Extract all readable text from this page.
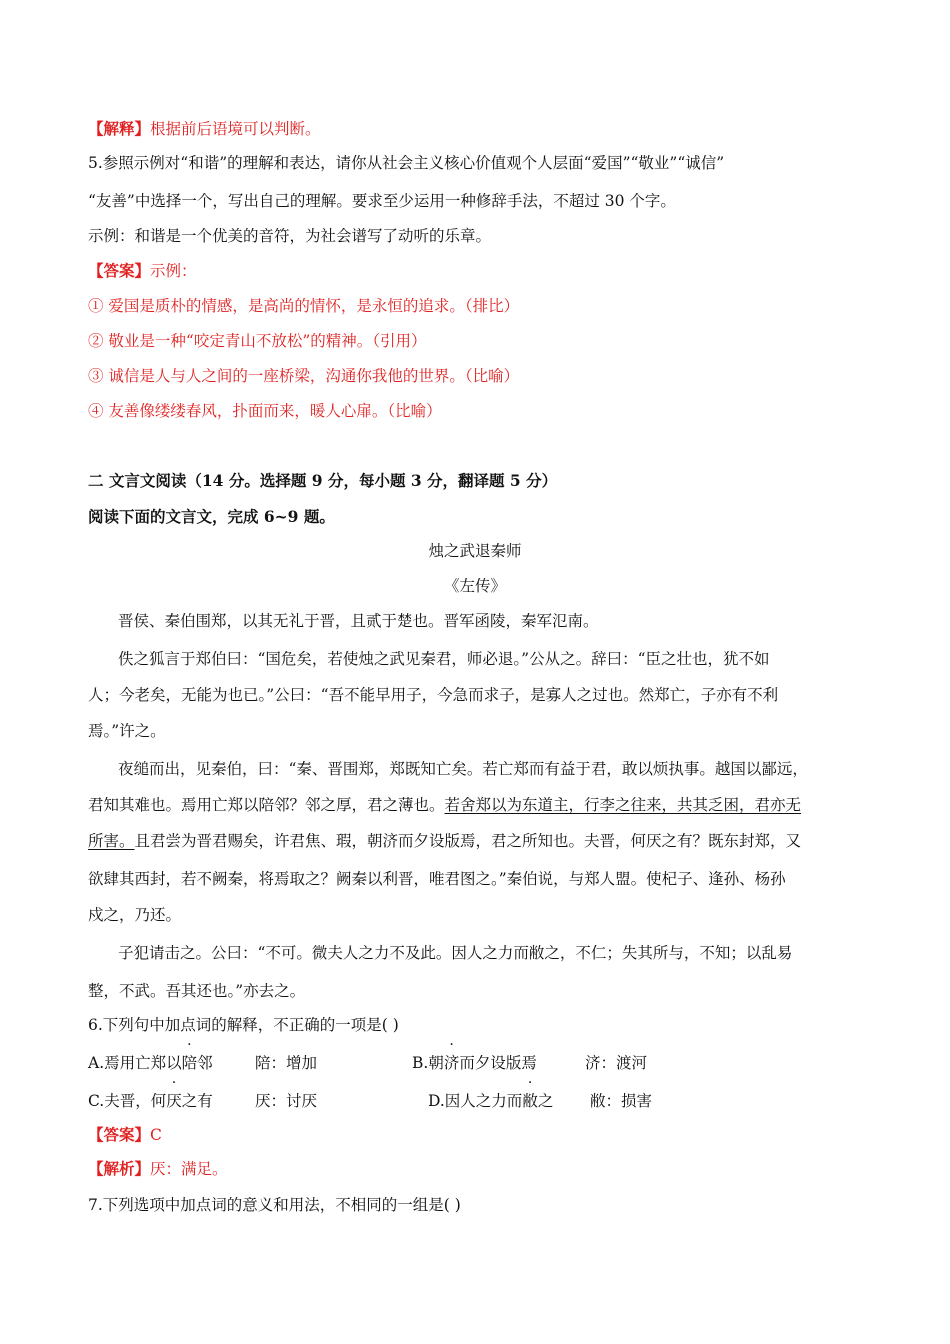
【解释】根据前后语境可以判断。
5.参照示例对“和谐”的理解和表达，请你从社会主义核心价值观个人层面“爱国”“敬业”“诚信”
“友善”中选择一个，写出自己的理解。要求至少运用一种修辞手法，不超过 30 个字。
示例：和谐是一个优美的音符，为社会谱写了动听的乐章。
【答案】示例：
① 爱国是质朴的情感，是高尚的情怀，是永恒的追求。（排比）
② 敬业是一种“咬定青山不放松”的精神。（引用）
③ 诚信是人与人之间的一座桥梁，沟通你我他的世界。（比喻）
④ 友善像缕缕春风，扑面而来，暖人心扉。（比喻）
二 文言文阅读（14 分。选择题 9 分，每小题 3 分，翻译题 5 分）
阅读下面的文言文，完成 6~9 题。
烛之武退秦师
《左传》
晋侯、秦伯围郑，以其无礼于晋，且贰于楚也。晋军函陵，秦军氾南。
佚之狐言于郑伯曰：“国危矣，若使烛之武见秦君，师必退。”公从之。辞曰：“臣之壮也，犹不如
人；今老矣，无能为也已。”公曰：“吾不能早用子，今急而求子，是寡人之过也。然郑亡，子亦有不利
焉。”许之。
夜缒而出，见秦伯，曰：“秦、晋围郑，郑既知亡矣。若亡郑而有益于君，敢以烦执事。越国以鄙远，
君知其难也。焉用亡郑以陪邻？邻之厚，君之薄也。若舍郑以为东道主，行李之往来，共其乏困，君亦无
所害。且君尝为晋君赐矣，许君焦、瑕，朝济而夕设版焉，君之所知也。夫晋，何厌之有？既东封郑，又
欲肆其西封，若不阙秦，将焉取之？阙秦以利晋，唯君图之。”秦伯说，与郑人盟。使杞子、逢孙、杨孙
戍之，乃还。
子犯请击之。公曰：“不可。微夫人之力不及此。因人之力而敝之，不仁；失其所与，不知；以乱易
整，不武。吾其还也。”亦去之。
6.下列句中加点词的解释，不正确的一项是( )
A.焉用亡郑以陪邻	陪：增加	B.朝济而夕设版焉	济：渡河
C.夫晋，何厌之有	厌：讨厌	D.因人之力而敝之 敝：损害
【答案】C
【解析】厌：满足。
7.下列选项中加点词的意义和用法，不相同的一组是( )
